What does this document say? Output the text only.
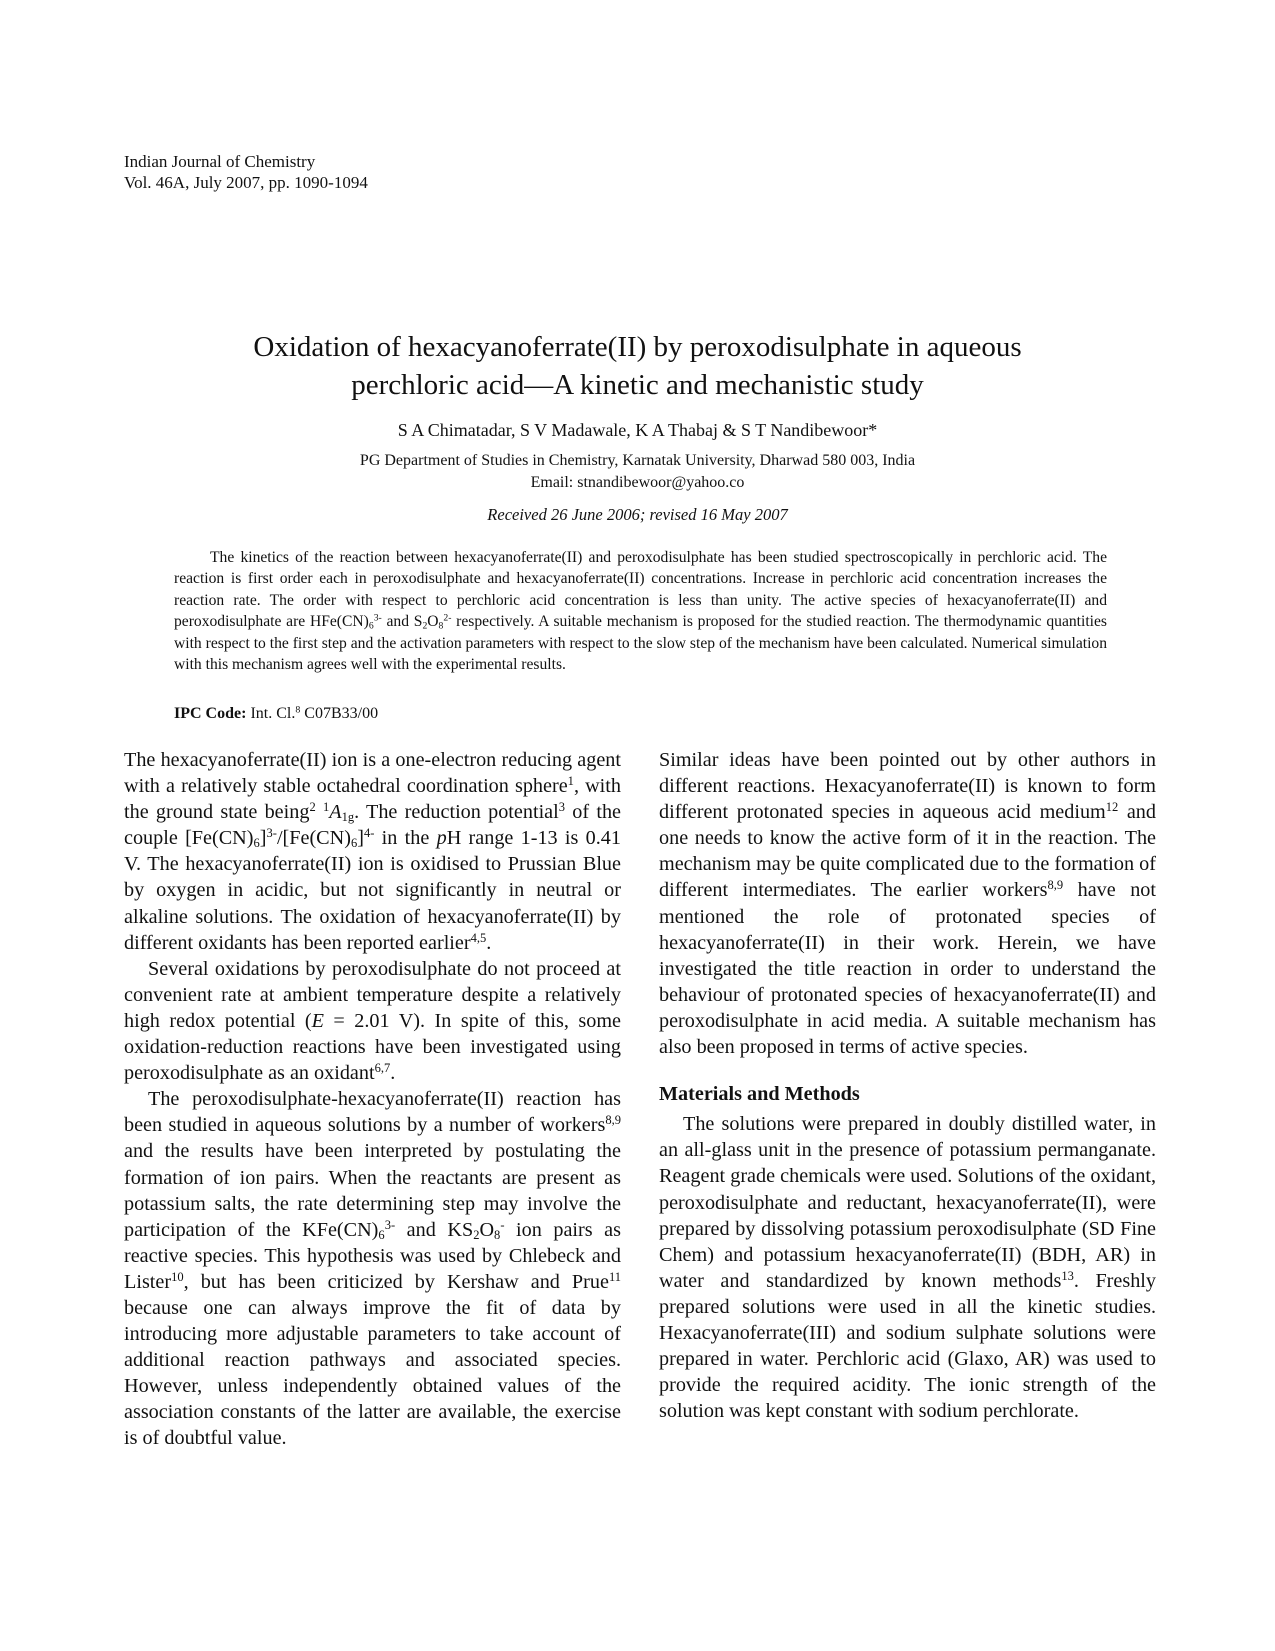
Indian Journal of Chemistry
Vol. 46A, July 2007, pp. 1090-1094
Oxidation of hexacyanoferrate(II) by peroxodisulphate in aqueous
perchloric acid—A kinetic and mechanistic study
S A Chimatadar, S V Madawale, K A Thabaj & S T Nandibewoor*
PG Department of Studies in Chemistry, Karnatak University, Dharwad 580 003, India
Email: stnandibewoor@yahoo.co
Received 26 June 2006; revised 16 May 2007

The kinetics of the reaction between hexacyanoferrate(II) and peroxodisulphate has been studied spectroscopically in perchloric acid. The reaction is first order each in peroxodisulphate and hexacyanoferrate(II) concentrations. Increase in perchloric acid concentration increases the reaction rate. The order with respect to perchloric acid concentration is less than unity. The active species of hexacyanoferrate(II) and peroxodisulphate are $HFe(CN)_6^{3-}$ and $S_2O_8^{2-}$ respectively. A suitable mechanism is proposed for the studied reaction. The thermodynamic quantities with respect to the first step and the activation parameters with respect to the slow step of the mechanism have been calculated. Numerical simulation with this mechanism agrees well with the experimental results.

IPC Code: Int. Cl.$^8$ C07B33/00

The hexacyanoferrate(II) ion is a one-electron reducing agent with a relatively stable octahedral coordination sphere$^1$, with the ground state being$^2$ $^1A_{1g}$. The reduction potential$^3$ of the couple $[Fe(CN)_6]^{3-}/[Fe(CN)_6]^{4-}$ in the pH range 1-13 is 0.41 V. The hexacyanoferrate(II) ion is oxidised to Prussian Blue by oxygen in acidic, but not significantly in neutral or alkaline solutions. The oxidation of hexacyanoferrate(II) by different oxidants has been reported earlier$^{4,5}$.

Several oxidations by peroxodisulphate do not proceed at convenient rate at ambient temperature despite a relatively high redox potential (E = 2.01 V). In spite of this, some oxidation-reduction reactions have been investigated using peroxodisulphate as an oxidant$^{6,7}$.

The peroxodisulphate-hexacyanoferrate(II) reaction has been studied in aqueous solutions by a number of workers$^{8,9}$ and the results have been interpreted by postulating the formation of ion pairs. When the reactants are present as potassium salts, the rate determining step may involve the participation of the $KFe(CN)_6^{3-}$ and $KS_2O_8^-$ ion pairs as reactive species. This hypothesis was used by Chlebeck and Lister$^{10}$, but has been criticized by Kershaw and Prue$^{11}$ because one can always improve the fit of data by introducing more adjustable parameters to take account of additional reaction pathways and associated species. However, unless independently obtained values of the association constants of the latter are available, the exercise is of doubtful value.

Similar ideas have been pointed out by other authors in different reactions. Hexacyanoferrate(II) is known to form different protonated species in aqueous acid medium$^{12}$ and one needs to know the active form of it in the reaction. The mechanism may be quite complicated due to the formation of different intermediates. The earlier workers$^{8,9}$ have not mentioned the role of protonated species of hexacyanoferrate(II) in their work. Herein, we have investigated the title reaction in order to understand the behaviour of protonated species of hexacyanoferrate(II) and peroxodisulphate in acid media. A suitable mechanism has also been proposed in terms of active species.

Materials and Methods

The solutions were prepared in doubly distilled water, in an all-glass unit in the presence of potassium permanganate. Reagent grade chemicals were used. Solutions of the oxidant, peroxodisulphate and reductant, hexacyanoferrate(II), were prepared by dissolving potassium peroxodisulphate (SD Fine Chem) and potassium hexacyanoferrate(II) (BDH, AR) in water and standardized by known methods$^{13}$. Freshly prepared solutions were used in all the kinetic studies. Hexacyanoferrate(III) and sodium sulphate solutions were prepared in water. Perchloric acid (Glaxo, AR) was used to provide the required acidity. The ionic strength of the solution was kept constant with sodium perchlorate.
